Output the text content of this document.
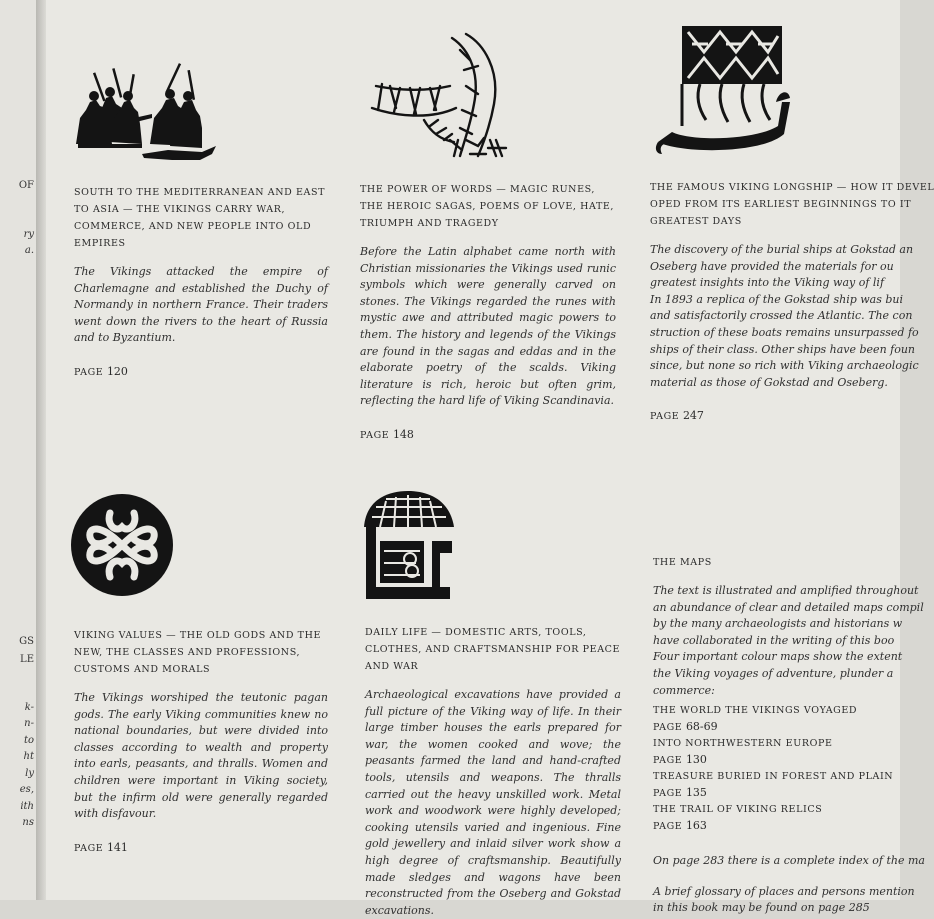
OF
ry
a.
GS
LE
k-
n-
to
ht
ly
es,
ith
ns
SOUTH TO THE MEDITERRANEAN AND EAST TO ASIA — THE VIKINGS CARRY WAR, COMMERCE, AND NEW PEOPLE INTO OLD EMPIRES
The Vikings attacked the empire of Charlemagne and established the Duchy of Normandy in northern France. Their traders went down the rivers to the heart of Russia and to Byzantium.
PAGE 120
THE POWER OF WORDS — MAGIC RUNES, THE HEROIC SAGAS, POEMS OF LOVE, HATE, TRIUMPH AND TRAGEDY
Before the Latin alphabet came north with Christian missionaries the Vikings used runic symbols which were generally carved on stones. The Vikings regarded the runes with mystic awe and attributed magic powers to them. The history and legends of the Vikings are found in the sagas and eddas and in the elaborate poetry of the scalds. Viking literature is rich, heroic but often grim, reflecting the hard life of Viking Scandinavia.
PAGE 148
THE FAMOUS VIKING LONGSHIP — HOW IT DEVEL
OPED FROM ITS EARLIEST BEGINNINGS TO IT
GREATEST DAYS
The discovery of the burial ships at Gokstad an
Oseberg have provided the materials for ou
greatest insights into the Viking way of lif
In 1893 a replica of the Gokstad ship was bui
and satisfactorily crossed the Atlantic. The con
struction of these boats remains unsurpassed fo
ships of their class. Other ships have been foun
since, but none so rich with Viking archaeologic
material as those of Gokstad and Oseberg.
PAGE 247
VIKING VALUES — THE OLD GODS AND THE NEW, THE CLASSES AND PROFESSIONS, CUSTOMS AND MORALS
The Vikings worshiped the teutonic pagan gods. The early Viking communities knew no national boundaries, but were divided into classes according to wealth and property into earls, peasants, and thralls. Women and children were important in Viking society, but the infirm old were generally regarded with disfavour.
PAGE 141
DAILY LIFE — DOMESTIC ARTS, TOOLS, CLOTHES, AND CRAFTSMANSHIP FOR PEACE AND WAR
Archaeological excavations have provided a full picture of the Viking way of life. In their large timber houses the earls prepared for war, the women cooked and wove; the peasants farmed the land and hand-crafted tools, utensils and weapons. The thralls carried out the heavy unskilled work. Metal work and woodwork were highly developed; cooking utensils varied and ingenious. Fine gold jewellery and inlaid silver work show a high degree of craftsmanship. Beautifully made sledges and wagons have been reconstructed from the Oseberg and Gokstad excavations.
THE MAPS
The text is illustrated and amplified throughout
an abundance of clear and detailed maps compil
by the many archaeologists and historians w
have collaborated in the writing of this boo
Four important colour maps show the extent
the Viking voyages of adventure, plunder a
commerce:
THE WORLD THE VIKINGS VOYAGED
PAGE 68-69
INTO NORTHWESTERN EUROPE
PAGE 130
TREASURE BURIED IN FOREST AND PLAIN
PAGE 135
THE TRAIL OF VIKING RELICS
PAGE 163
On page 283 there is a complete index of the ma
A brief glossary of places and persons mention
in this book may be found on page 285
